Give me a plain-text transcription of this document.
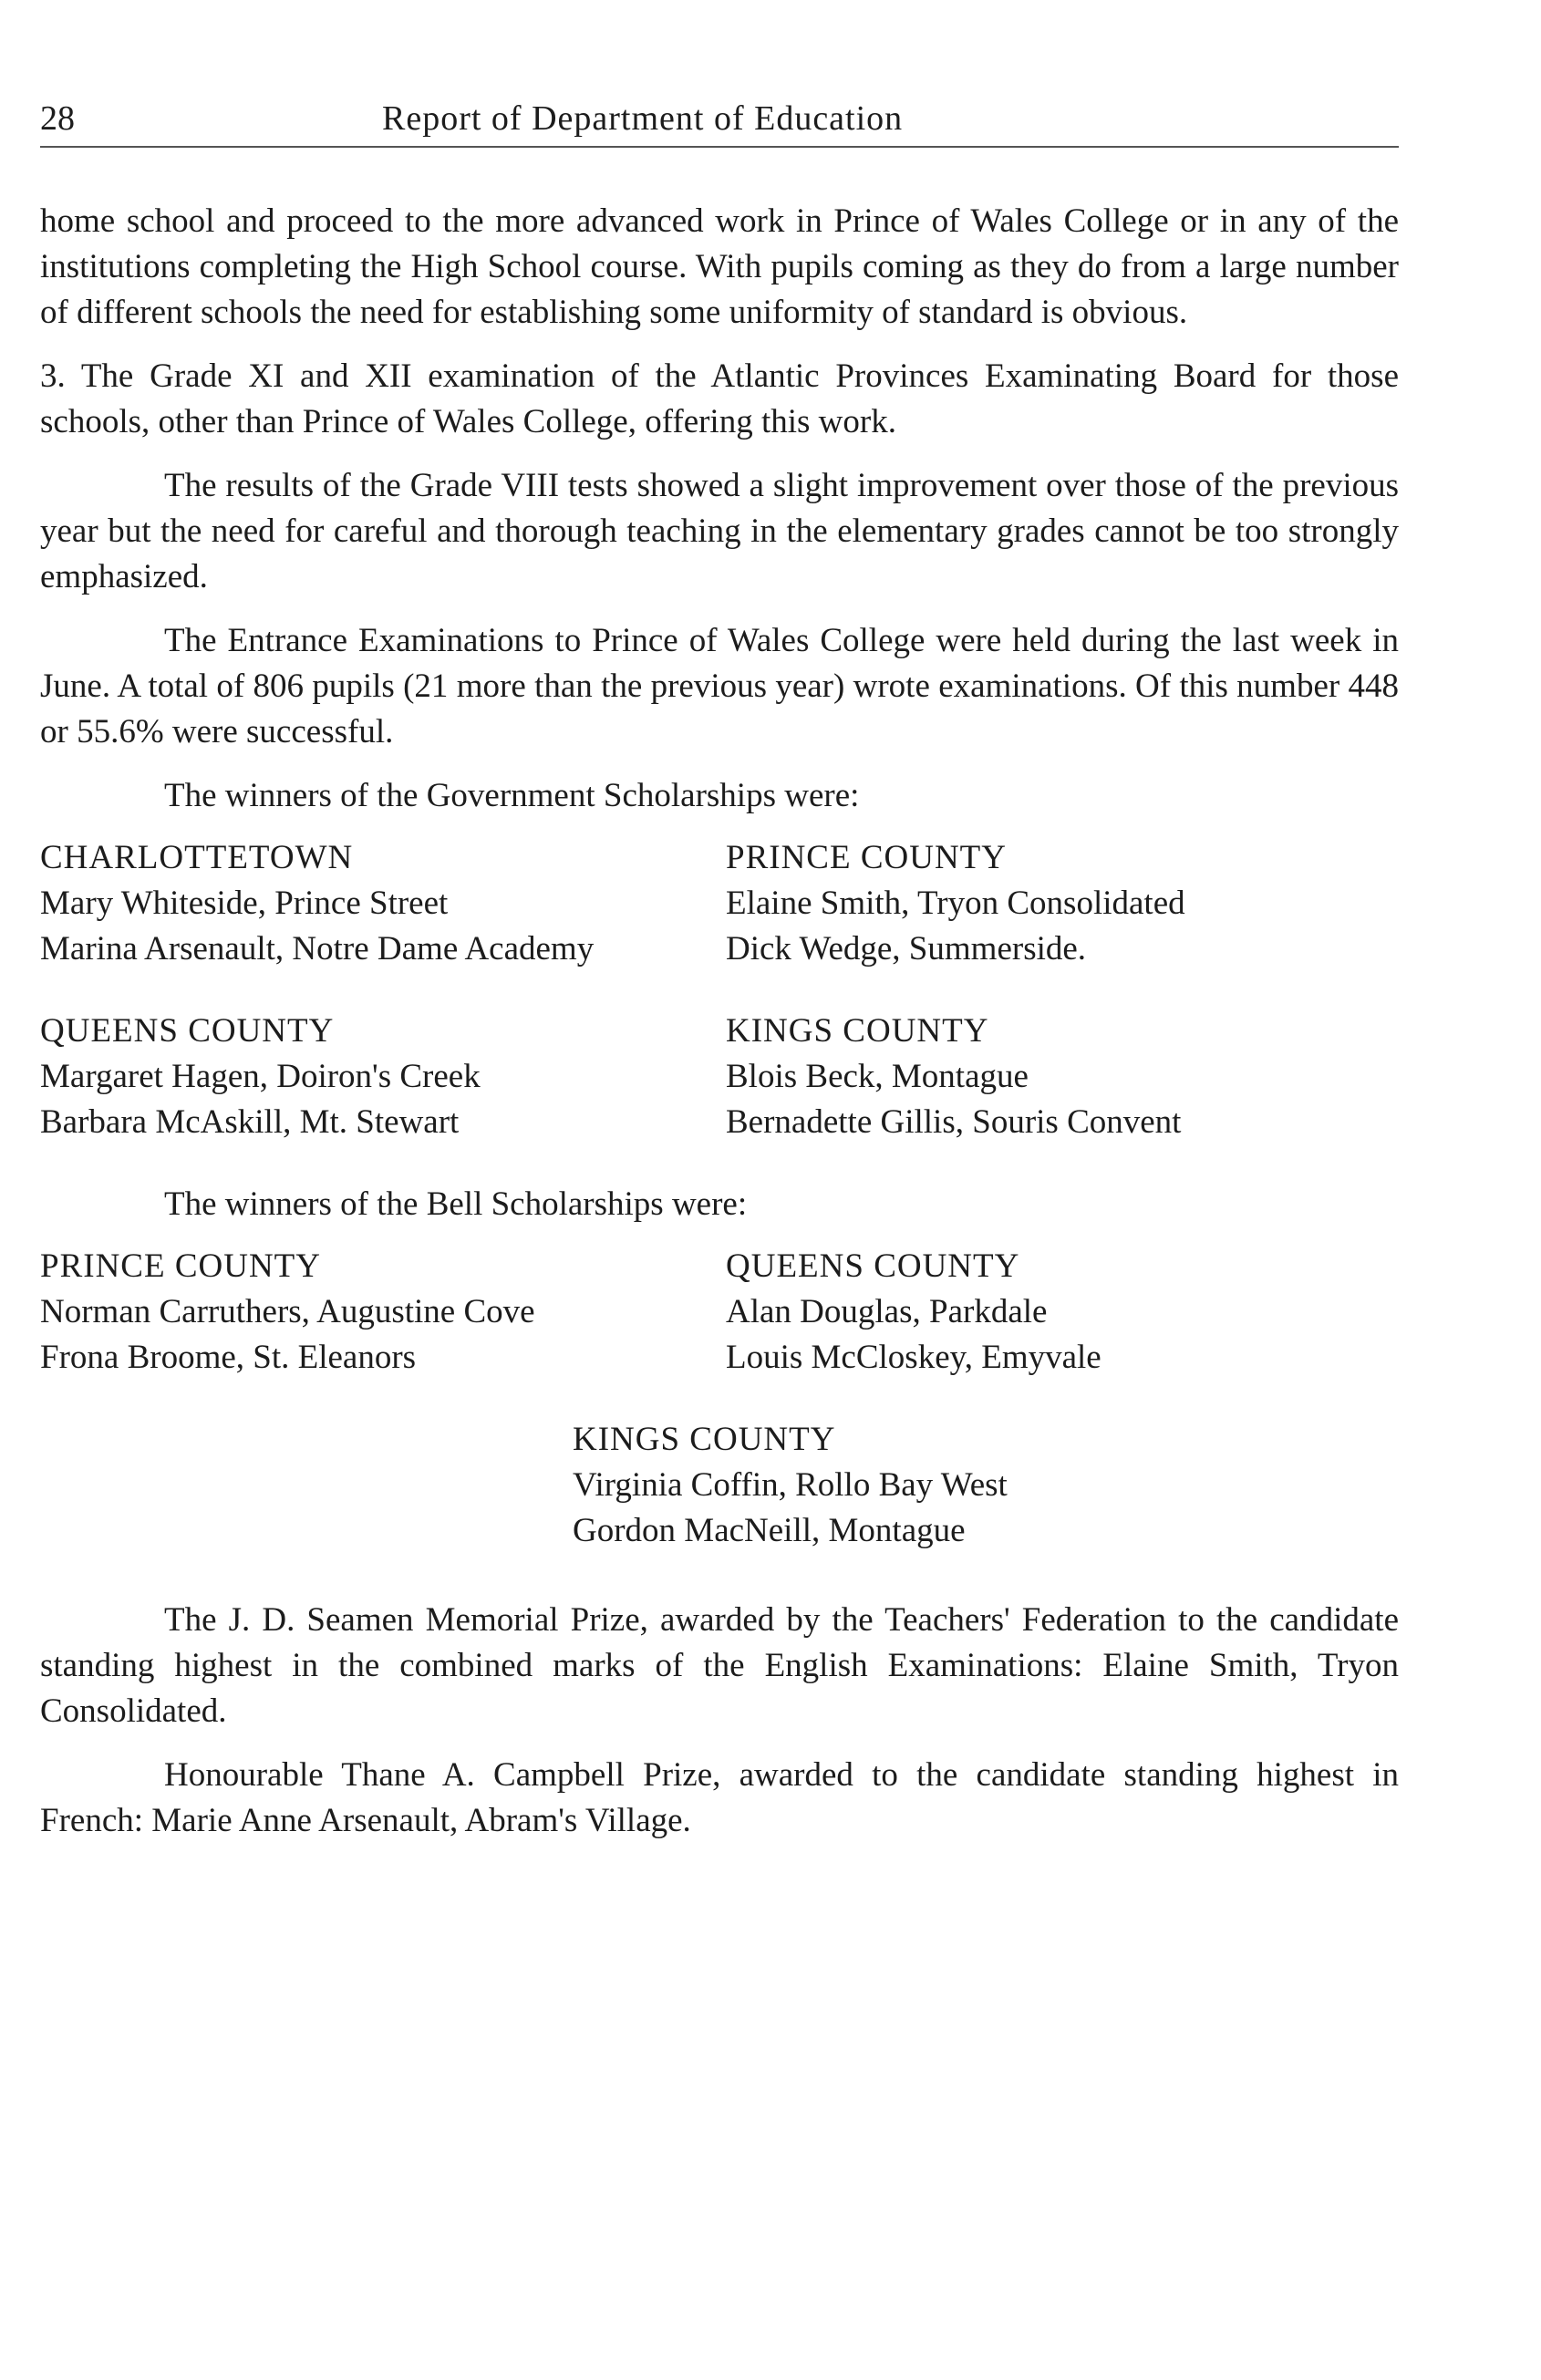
28	Report of Department of Education

home school and proceed to the more advanced work in Prince of Wales College or in any of the institutions completing the High School course. With pupils coming as they do from a large number of different schools the need for establishing some uniformity of standard is obvious.

3. The Grade XI and XII examination of the Atlantic Provinces Examinating Board for those schools, other than Prince of Wales College, offering this work.

The results of the Grade VIII tests showed a slight improvement over those of the previous year but the need for careful and thorough teaching in the elementary grades cannot be too strongly emphasized.

The Entrance Examinations to Prince of Wales College were held during the last week in June. A total of 806 pupils (21 more than the previous year) wrote examinations. Of this number 448 or 55.6% were successful.

The winners of the Government Scholarships were:

CHARLOTTETOWN
Mary Whiteside, Prince Street
Marina Arsenault, Notre Dame Academy
PRINCE COUNTY
Elaine Smith, Tryon Consolidated
Dick Wedge, Summerside.
QUEENS COUNTY
Margaret Hagen, Doiron's Creek
Barbara McAskill, Mt. Stewart
KINGS COUNTY
Blois Beck, Montague
Bernadette Gillis, Souris Convent

The winners of the Bell Scholarships were:

PRINCE COUNTY
Norman Carruthers, Augustine Cove
Frona Broome, St. Eleanors
QUEENS COUNTY
Alan Douglas, Parkdale
Louis McCloskey, Emyvale
KINGS COUNTY
Virginia Coffin, Rollo Bay West
Gordon MacNeill, Montague

The J. D. Seamen Memorial Prize, awarded by the Teachers' Federation to the candidate standing highest in the combined marks of the English Examinations: Elaine Smith, Tryon Consolidated.

Honourable Thane A. Campbell Prize, awarded to the candidate standing highest in French: Marie Anne Arsenault, Abram's Village.
